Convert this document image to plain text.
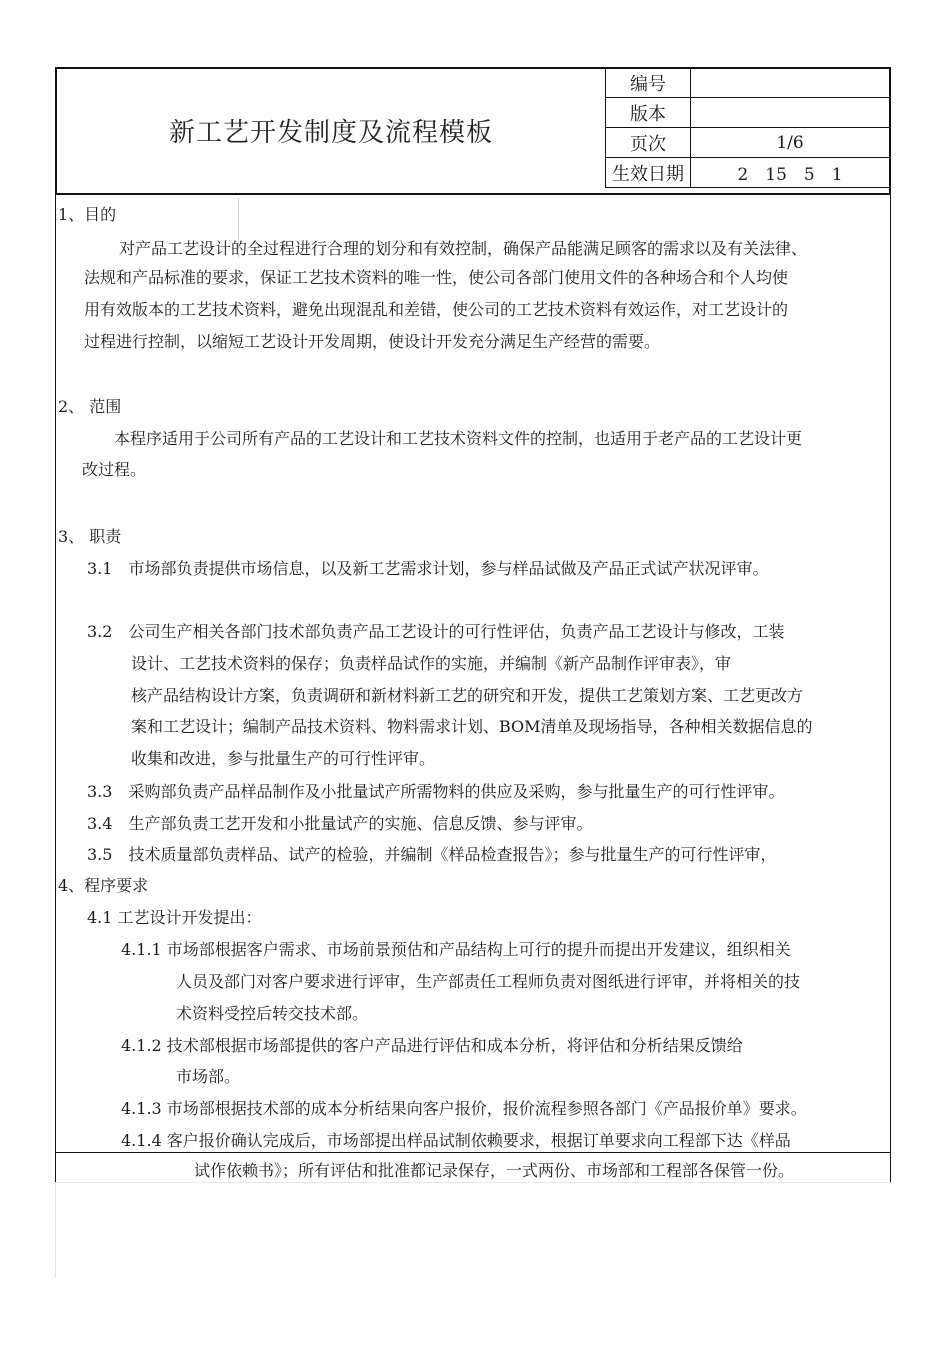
新工艺开发制度及流程模板
编号	
版本	
页次	1/6
生效日期	2　15　5　1
1、目的
对产品工艺设计的全过程进行合理的划分和有效控制，确保产品能满足顾客的需求以及有关法律、
法规和产品标准的要求，保证工艺技术资料的唯一性，使公司各部门使用文件的各种场合和个人均使
用有效版本的工艺技术资料，避免出现混乱和差错，使公司的工艺技术资料有效运作，对工艺设计的
过程进行控制，以缩短工艺设计开发周期，使设计开发充分满足生产经营的需要。
2、 范围
本程序适用于公司所有产品的工艺设计和工艺技术资料文件的控制，也适用于老产品的工艺设计更
改过程。
3、 职责
3.1　市场部负责提供市场信息，以及新工艺需求计划，参与样品试做及产品正式试产状况评审。
3.2　公司生产相关各部门技术部负责产品工艺设计的可行性评估，负责产品工艺设计与修改，工装
设计、工艺技术资料的保存；负责样品试作的实施，并编制《新产品制作评审表》，审
核产品结构设计方案，负责调研和新材料新工艺的研究和开发，提供工艺策划方案、工艺更改方
案和工艺设计；编制产品技术资料、物料需求计划、BOM清单及现场指导，各种相关数据信息的
收集和改进，参与批量生产的可行性评审。
3.3　采购部负责产品样品制作及小批量试产所需物料的供应及采购，参与批量生产的可行性评审。
3.4　生产部负责工艺开发和小批量试产的实施、信息反馈、参与评审。
3.5　技术质量部负责样品、试产的检验，并编制《样品检查报告》；参与批量生产的可行性评审，
4、程序要求
4.1 工艺设计开发提出：
4.1.1 市场部根据客户需求、市场前景预估和产品结构上可行的提升而提出开发建议，组织相关
人员及部门对客户要求进行评审，生产部责任工程师负责对图纸进行评审，并将相关的技
术资料受控后转交技术部。
4.1.2 技术部根据市场部提供的客户产品进行评估和成本分析，将评估和分析结果反馈给
市场部。
4.1.3 市场部根据技术部的成本分析结果向客户报价，报价流程参照各部门《产品报价单》要求。
4.1.4 客户报价确认完成后，市场部提出样品试制依赖要求，根据订单要求向工程部下达《样品
试作依赖书》；所有评估和批准都记录保存，一式两份、市场部和工程部各保管一份。
